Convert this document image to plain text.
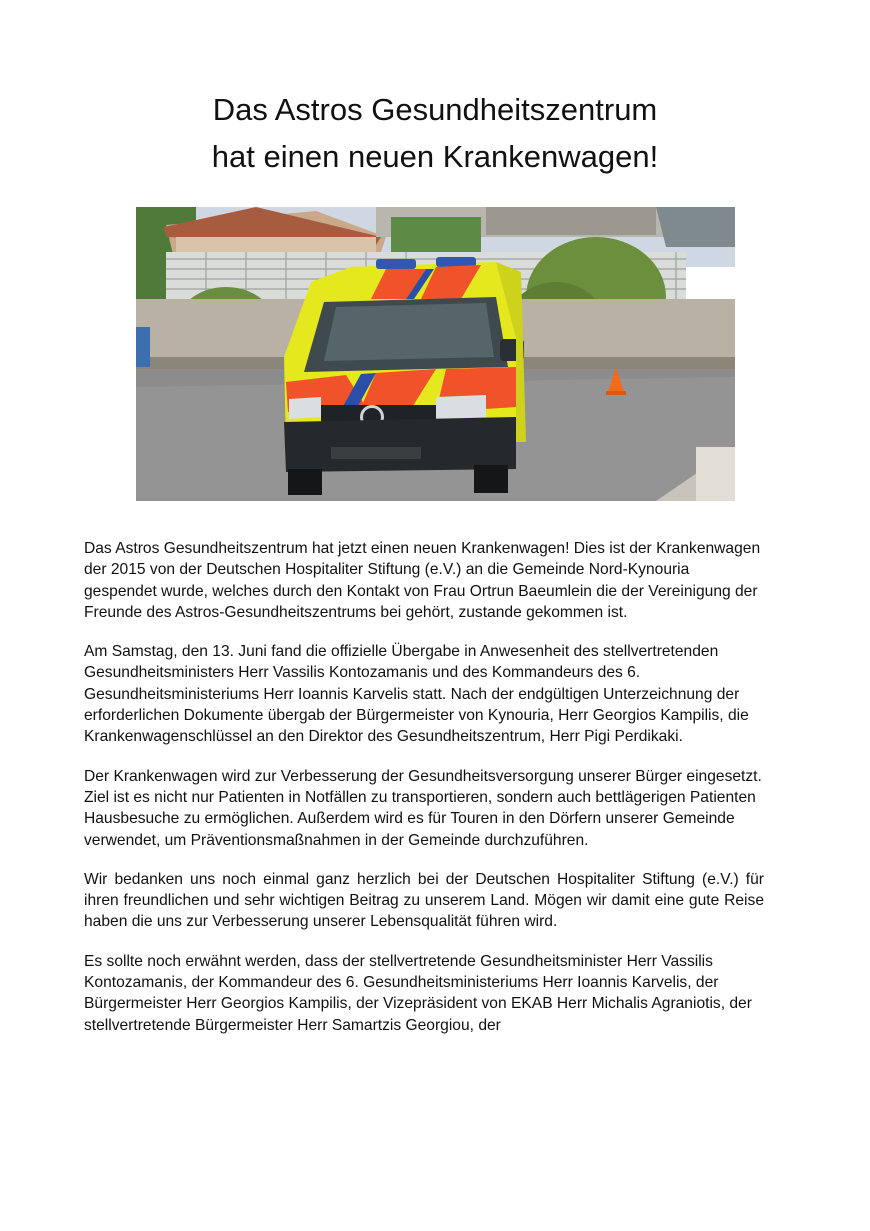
Das Astros Gesundheitszentrum
hat einen neuen Krankenwagen!

Das Astros Gesundheitszentrum hat jetzt einen neuen Krankenwagen! Dies ist der Krankenwagen der 2015 von der Deutschen Hospitaliter Stiftung (e.V.) an die Gemeinde Nord-Kynouria gespendet wurde, welches durch den Kontakt von Frau Ortrun Baeumlein die der Vereinigung der Freunde des Astros-Gesundheitszentrums bei gehört, zustande gekommen ist.

Am Samstag, den 13. Juni fand die offizielle Übergabe in Anwesenheit des stellvertretenden Gesundheitsministers Herr Vassilis Kontozamanis und des Kommandeurs des 6. Gesundheitsministeriums Herr Ioannis Karvelis statt. Nach der endgültigen Unterzeichnung der erforderlichen Dokumente übergab der Bürgermeister von Kynouria, Herr Georgios Kampilis, die Krankenwagenschlüssel an den Direktor des Gesundheitszentrum, Herr Pigi Perdikaki.

Der Krankenwagen wird zur Verbesserung der Gesundheitsversorgung unserer Bürger eingesetzt. Ziel ist es nicht nur Patienten in Notfällen zu transportieren, sondern auch bettlägerigen Patienten Hausbesuche zu ermöglichen. Außerdem wird es für Touren in den Dörfern unserer Gemeinde verwendet, um Präventionsmaßnahmen in der Gemeinde durchzuführen.

Wir bedanken uns noch einmal ganz herzlich bei der Deutschen Hospitaliter Stiftung (e.V.) für ihren freundlichen und sehr wichtigen Beitrag zu unserem Land. Mögen wir damit eine gute Reise haben die uns zur Verbesserung unserer Lebensqualität führen wird.

Es sollte noch erwähnt werden, dass der stellvertretende Gesundheitsminister Herr Vassilis Kontozamanis, der Kommandeur des 6. Gesundheitsministeriums Herr Ioannis Karvelis, der Bürgermeister Herr Georgios Kampilis, der Vizepräsident von EKAB Herr Michalis Agraniotis, der stellvertretende Bürgermeister Herr Samartzis Georgiou, der
